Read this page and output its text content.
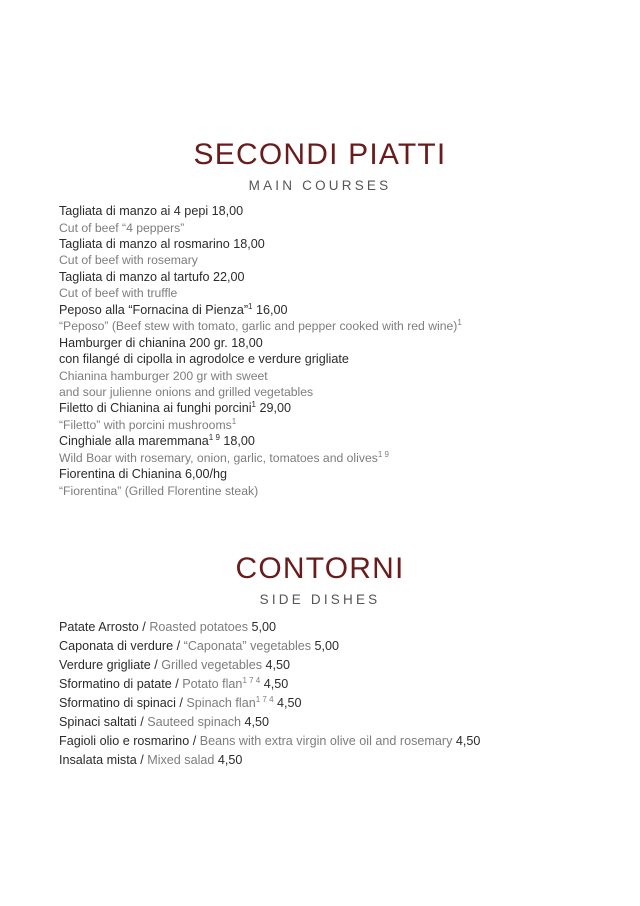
SECONDI PIATTI
MAIN COURSES

Tagliata di manzo ai 4 pepi 18,00

Cut of beef “4 peppers”

Tagliata di manzo al rosmarino 18,00

Cut of beef with rosemary

Tagliata di manzo al tartufo 22,00

Cut of beef with truffle

Peposo alla “Fornacina di Pienza”$^1$ 16,00

“Peposo” (Beef stew with tomato, garlic and pepper cooked with red wine)$^1$

Hamburger di chianina 200 gr. 18,00

con filangé di cipolla in agrodolce e verdure grigliate

Chianina hamburger 200 gr with sweet

and sour julienne onions and grilled vegetables

Filetto di Chianina ai funghi porcini$^1$ 29,00

“Filetto” with porcini mushrooms$^1$

Cinghiale alla maremmana$^{1 9}$ 18,00

Wild Boar with rosemary, onion, garlic, tomatoes and olives$^{1 9}$

Fiorentina di Chianina 6,00/hg

“Fiorentina” (Grilled Florentine steak)

CONTORNI
SIDE DISHES

Patate Arrosto / Roasted potatoes 5,00

Caponata di verdure / “Caponata” vegetables 5,00

Verdure grigliate / Grilled vegetables 4,50

Sformatino di patate / Potato flan$^{1 7 4}$ 4,50

Sformatino di spinaci / Spinach flan$^{1 7 4}$ 4,50

Spinaci saltati / Sauteed spinach 4,50

Fagioli olio e rosmarino / Beans with extra virgin olive oil and rosemary 4,50

Insalata mista / Mixed salad 4,50
